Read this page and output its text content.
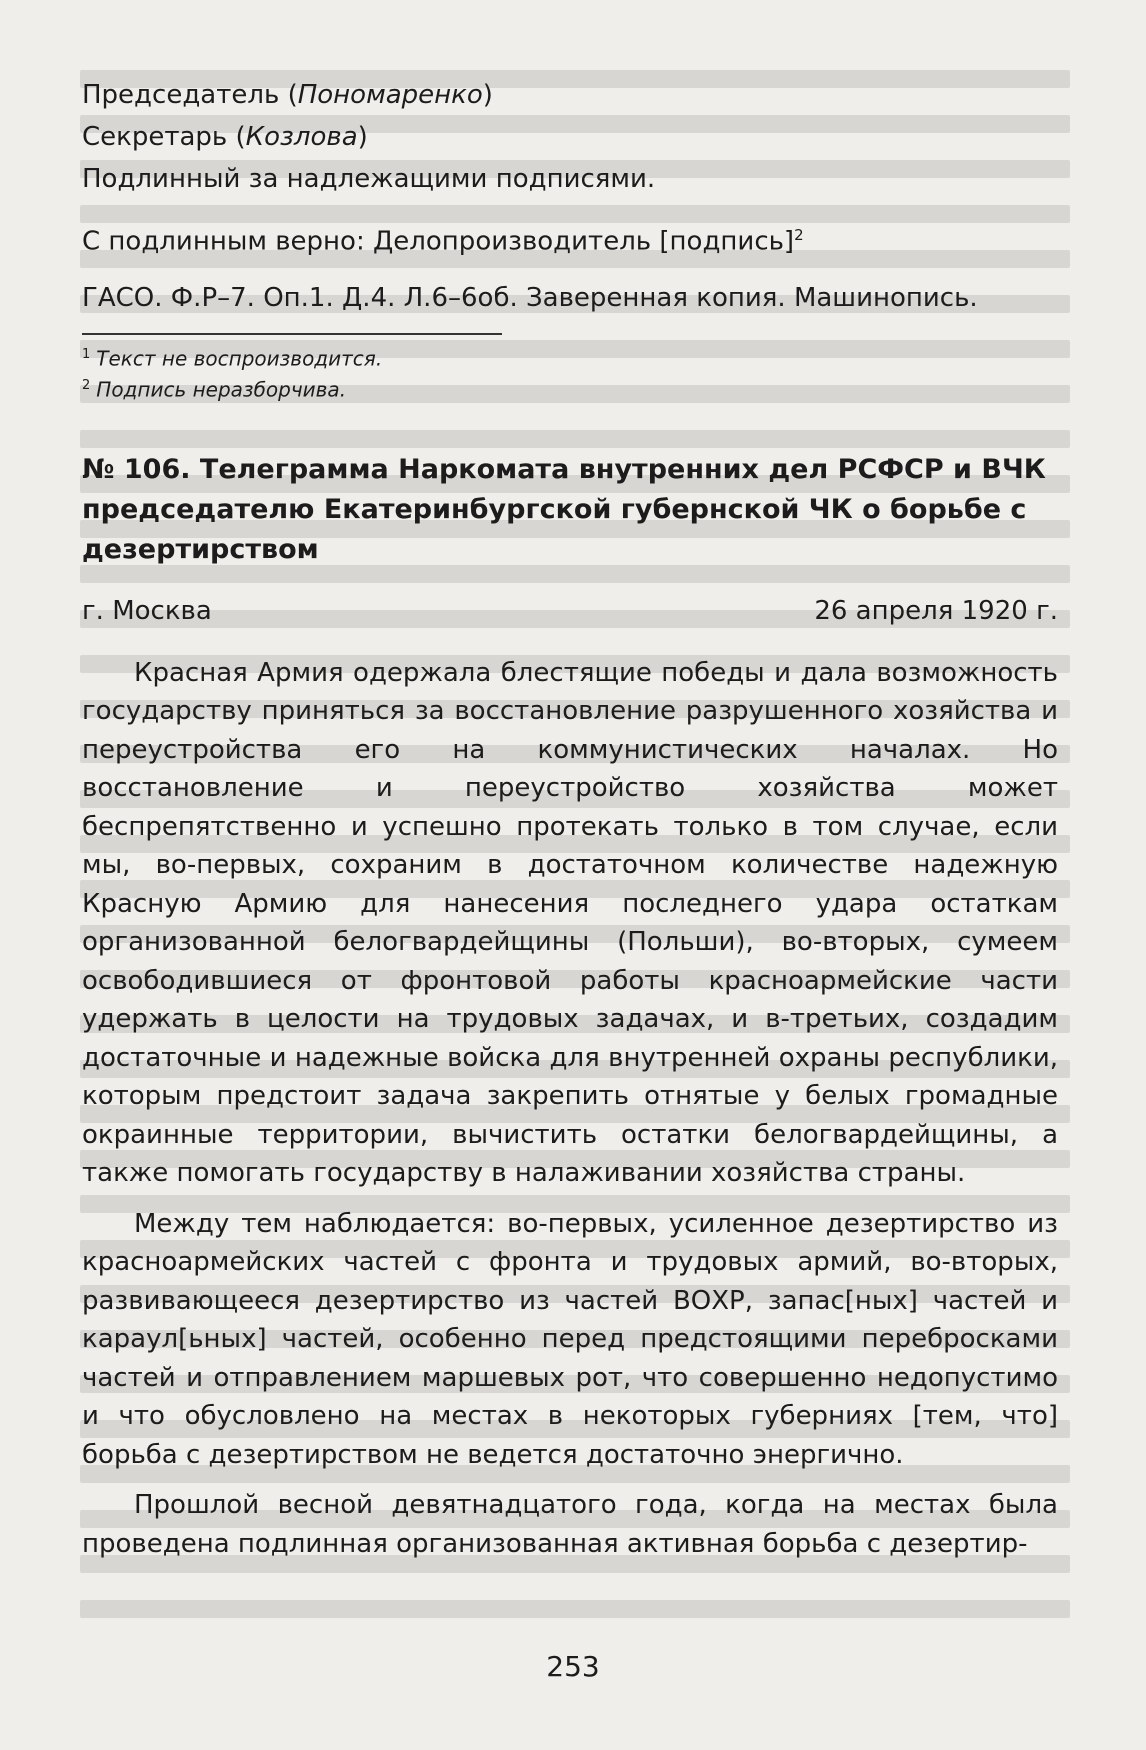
Председатель (Пономаренко)

Секретарь (Козлова)

Подлинный за надлежащими подписями.

С подлинным верно: Делопроизводитель [подпись]$^2$

ГАСО. Ф.Р–7. Оп.1. Д.4. Л.6–6об. Заверенная копия. Машинопись.

$^1$ Текст не воспроизводится.

$^2$ Подпись неразборчива.

№ 106. Телеграмма Наркомата внутренних дел РСФСР и ВЧК председателю Екатеринбургской губернской ЧК о борьбе с дезертирством
г. Москва	26 апреля 1920 г.

Красная Армия одержала блестящие победы и дала возможность государству приняться за восстановление разрушенного хозяйства и переустройства его на коммунистических началах. Но восстановление и переустройство хозяйства может беспрепятственно и успешно протекать только в том случае, если мы, во-первых, сохраним в достаточном количестве надежную Красную Армию для нанесения последнего удара остаткам организованной белогвардейщины (Польши), во-вторых, сумеем освободившиеся от фронтовой работы красноармейские части удержать в целости на трудовых задачах, и в-третьих, создадим достаточные и надежные войска для внутренней охраны республики, которым предстоит задача закрепить отнятые у белых громадные окраинные территории, вычистить остатки белогвардейщины, а также помогать государству в налаживании хозяйства страны.

Между тем наблюдается: во-первых, усиленное дезертирство из красноармейских частей с фронта и трудовых армий, во-вторых, развивающееся дезертирство из частей ВОХР, запас[ных] частей и караул[ьных] частей, особенно перед предстоящими перебросками частей и отправлением маршевых рот, что совершенно недопустимо и что обусловлено на местах в некоторых губерниях [тем, что] борьба с дезертирством не ведется достаточно энергично.

Прошлой весной девятнадцатого года, когда на местах была проведена подлинная организованная активная борьба с дезертир-

253
